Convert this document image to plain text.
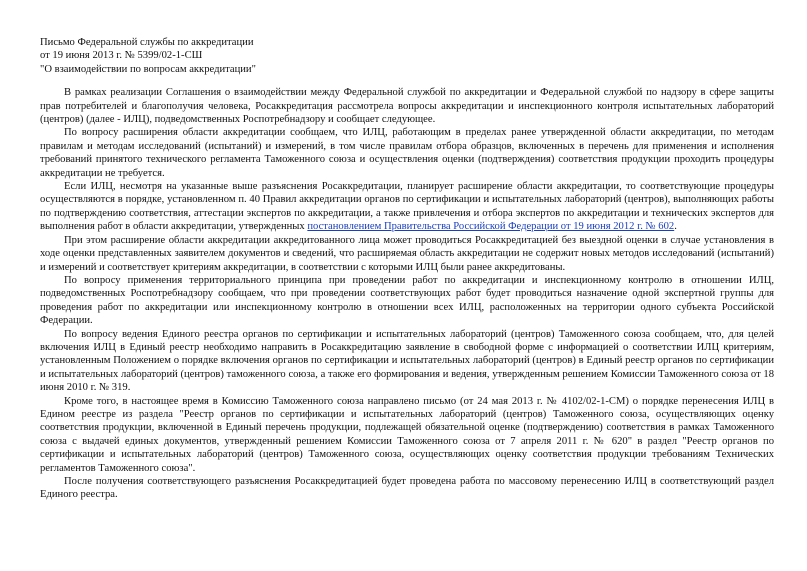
Письмо Федеральной службы по аккредитации
от 19 июня 2013 г. № 5399/02-1-СШ
"О взаимодействии по вопросам аккредитации"

В рамках реализации Соглашения о взаимодействии между Федеральной службой по аккредитации и Федеральной службой по надзору в сфере защиты прав потребителей и благополучия человека, Росаккредитация рассмотрела вопросы аккредитации и инспекционного контроля испытательных лабораторий (центров) (далее - ИЛЦ), подведомственных Роспотребнадзору и сообщает следующее.

По вопросу расширения области аккредитации сообщаем, что ИЛЦ, работающим в пределах ранее утвержденной области аккредитации, по методам правилам и методам исследований (испытаний) и измерений, в том числе правилам отбора образцов, включенных в перечень для применения и исполнения требований принятого технического регламента Таможенного союза и осуществления оценки (подтверждения) соответствия продукции проходить процедуры аккредитации не требуется.

Если ИЛЦ, несмотря на указанные выше разъяснения Росаккредитации, планирует расширение области аккредитации, то соответствующие процедуры осуществляются в порядке, установленном п. 40 Правил аккредитации органов по сертификации и испытательных лабораторий (центров), выполняющих работы по подтверждению соответствия, аттестации экспертов по аккредитации, а также привлечения и отбора экспертов по аккредитации и технических экспертов для выполнения работ в области аккредитации, утвержденных постановлением Правительства Российской Федерации от 19 июня 2012 г. № 602.

При этом расширение области аккредитации аккредитованного лица может проводиться Росаккредитацией без выездной оценки в случае установления в ходе оценки представленных заявителем документов и сведений, что расширяемая область аккредитации не содержит новых методов исследований (испытаний) и измерений и соответствует критериям аккредитации, в соответствии с которыми ИЛЦ были ранее аккредитованы.

По вопросу применения территориального принципа при проведении работ по аккредитации и инспекционному контролю в отношении ИЛЦ, подведомственных Роспотребнадзору сообщаем, что при проведении соответствующих работ будет проводиться назначение одной экспертной группы для проведения работ по аккредитации или инспекционному контролю в отношении всех ИЛЦ, расположенных на территории одного субъекта Российской Федерации.

По вопросу ведения Единого реестра органов по сертификации и испытательных лабораторий (центров) Таможенного союза сообщаем, что, для целей включения ИЛЦ в Единый реестр необходимо направить в Росаккредитацию заявление в свободной форме с информацией о соответствии ИЛЦ критериям, установленным Положением о порядке включения органов по сертификации и испытательных лабораторий (центров) в Единый реестр органов по сертификации и испытательных лабораторий (центров) таможенного союза, а также его формирования и ведения, утвержденным решением Комиссии Таможенного союза от 18 июня 2010 г. № 319.

Кроме того, в настоящее время в Комиссию Таможенного союза направлено письмо (от 24 мая 2013 г. № 4102/02-1-СМ) о порядке перенесения ИЛЦ в Едином реестре из раздела "Реестр органов по сертификации и испытательных лабораторий (центров) Таможенного союза, осуществляющих оценку соответствия продукции, включенной в Единый перечень продукции, подлежащей обязательной оценке (подтверждению) соответствия в рамках Таможенного союза с выдачей единых документов, утвержденный решением Комиссии Таможенного союза от 7 апреля 2011 г. № 620" в раздел "Реестр органов по сертификации и испытательных лабораторий (центров) Таможенного союза, осуществляющих оценку соответствия продукции требованиям Технических регламентов Таможенного союза".

После получения соответствующего разъяснения Росаккредитацией будет проведена работа по массовому перенесению ИЛЦ в соответствующий раздел Единого реестра.
